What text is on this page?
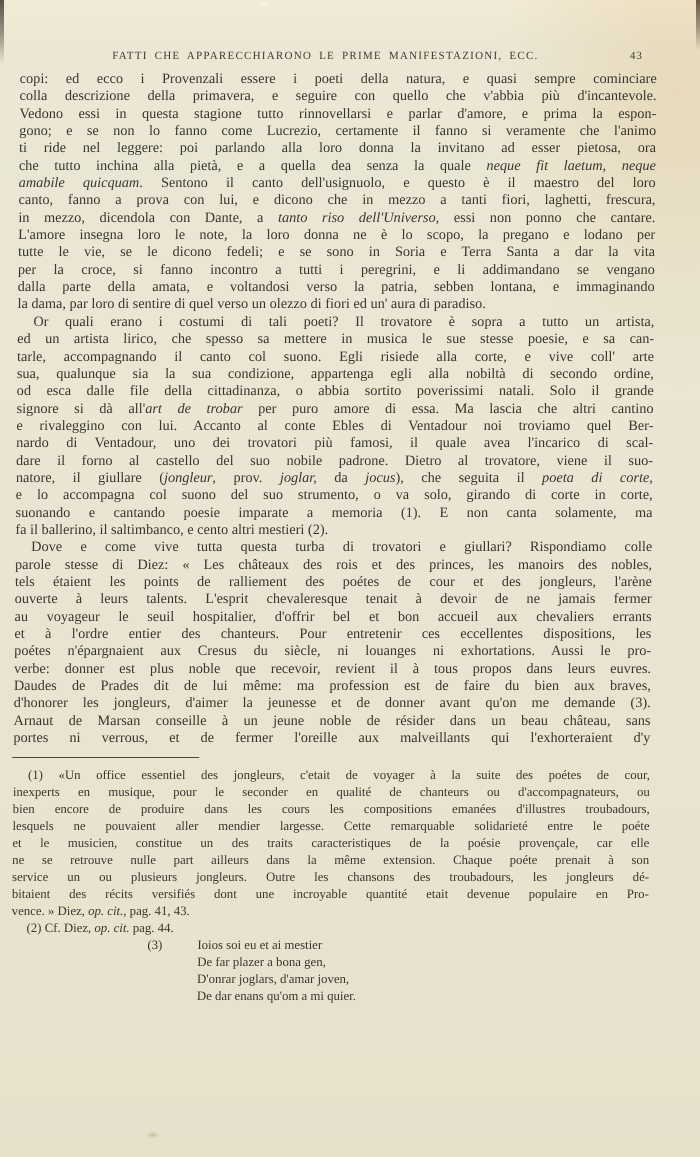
FATTI CHE APPARECCHIARONO LE PRIME MANIFESTAZIONI, ECC.	43
copi: ed ecco i Provenzali essere i poeti della natura, e quasi sempre cominciare
colla descrizione della primavera, e seguire con quello che v'abbia più d'incantevole.
Vedono essi in questa stagione tutto rinnovellarsi e parlar d'amore, e prima la espon-
gono; e se non lo fanno come Lucrezio, certamente il fanno si veramente che l'animo
ti ride nel leggere: poi parlando alla loro donna la invitano ad esser pietosa, ora
che tutto inchina alla pietà, e a quella dea senza la quale neque fit laetum, neque
amabile quicquam. Sentono il canto dell'usignuolo, e questo è il maestro del loro
canto, fanno a prova con lui, e dicono che in mezzo a tanti fiori, laghetti, frescura,
in mezzo, dicendola con Dante, a tanto riso dell'Universo, essi non ponno che cantare.
L'amore insegna loro le note, la loro donna ne è lo scopo, la pregano e lodano per
tutte le vie, se le dicono fedeli; e se sono in Soria e Terra Santa a dar la vita
per la croce, si fanno incontro a tutti i peregrini, e li addimandano se vengano
dalla parte della amata, e voltandosi verso la patria, sebben lontana, e immaginando
la dama, par loro di sentire di quel verso un olezzo di fiori ed un' aura di paradiso.
Or quali erano i costumi di tali poeti? Il trovatore è sopra a tutto un artista,
ed un artista lirico, che spesso sa mettere in musica le sue stesse poesie, e sa can-
tarle, accompagnando il canto col suono. Egli risiede alla corte, e vive coll' arte
sua, qualunque sia la sua condizione, appartenga egli alla nobiltà di secondo ordine,
od esca dalle file della cittadinanza, o abbia sortito poverissimi natali. Solo il grande
signore si dà all'art de trobar per puro amore di essa. Ma lascia che altri cantino
e rivaleggino con lui. Accanto al conte Ebles di Ventadour noi troviamo quel Ber-
nardo di Ventadour, uno dei trovatori più famosi, il quale avea l'incarico di scal-
dare il forno al castello del suo nobile padrone. Dietro al trovatore, viene il suo-
natore, il giullare (jongleur, prov. joglar, da jocus), che seguita il poeta di corte,
e lo accompagna col suono del suo strumento, o va solo, girando di corte in corte,
suonando e cantando poesie imparate a memoria (1). E non canta solamente, ma
fa il ballerino, il saltimbanco, e cento altri mestieri (2).
Dove e come vive tutta questa turba di trovatori e giullari? Rispondiamo colle
parole stesse di Diez: « Les châteaux des rois et des princes, les manoirs des nobles,
tels étaient les points de ralliement des poétes de cour et des jongleurs, l'arène
ouverte à leurs talents. L'esprit chevaleresque tenait à devoir de ne jamais fermer
au voyageur le seuil hospitalier, d'offrir bel et bon accueil aux chevaliers errants
et à l'ordre entier des chanteurs. Pour entretenir ces eccellentes dispositions, les
poétes n'épargnaient aux Cresus du siècle, ni louanges ni exhortations. Aussi le pro-
verbe: donner est plus noble que recevoir, revient il à tous propos dans leurs euvres.
Daudes de Prades dit de lui même: ma profession est de faire du bien aux braves,
d'honorer les jongleurs, d'aimer la jeunesse et de donner avant qu'on me demande (3).
Arnaut de Marsan conseille à un jeune noble de résider dans un beau château, sans
portes ni verrous, et de fermer l'oreille aux malveillants qui l'exhorteraient d'y
(1) «Un office essentiel des jongleurs, c'etait de voyager à la suite des poétes de cour,
inexperts en musique, pour le seconder en qualité de chanteurs ou d'accompagnateurs, ou
bien encore de produire dans les cours les compositions emanées d'illustres troubadours,
lesquels ne pouvaient aller mendier largesse. Cette remarquable solidarieté entre le poéte
et le musicien, constitue un des traits caracteristiques de la poésie provençale, car elle
ne se retrouve nulle part ailleurs dans la même extension. Chaque poéte prenait à son
service un ou plusieurs jongleurs. Outre les chansons des troubadours, les jongleurs dé-
bitaient des récits versifiés dont une incroyable quantité etait devenue populaire en Pro-
vence. » Diez, op. cit., pag. 41, 43.
(2) Cf. Diez, op. cit. pag. 44.
(3)	Ioios soi eu et ai mestier
De far plazer a bona gen,
D'onrar joglars, d'amar joven,
De dar enans qu'om a mi quier.
